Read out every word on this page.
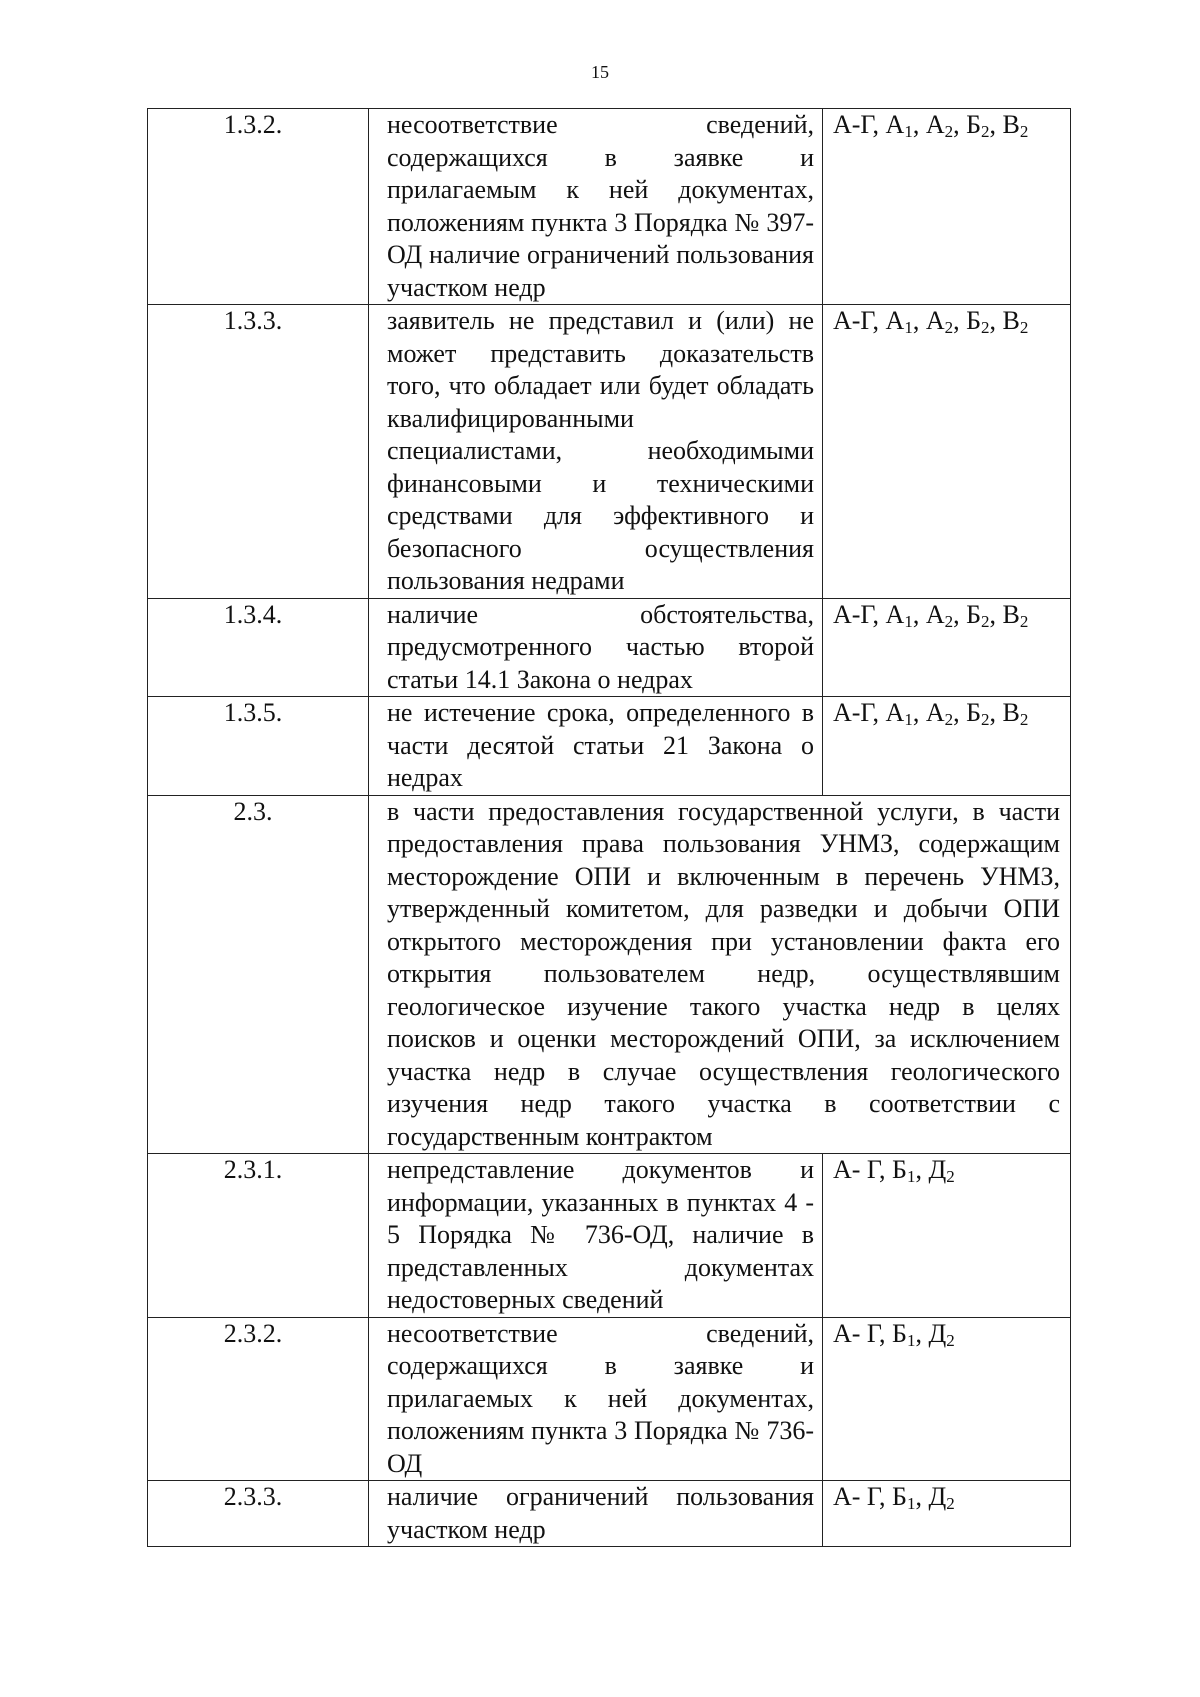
15
1.3.2.	несоответствие сведений, содержащихся в заявке и прилагаемым к ней документах, положениям пункта 3 Порядка № 397-ОД наличие ограничений пользования участком недр	А-Г, $А_1$, $А_2$, $Б_2$, $В_2$
1.3.3.	заявитель не представил и (или) не может представить доказательств того, что обладает или будет обладать квалифицированными специалистами, необходимыми финансовыми и техническими средствами для эффективного и безопасного осуществления пользования недрами	А-Г, $А_1$, $А_2$, $Б_2$, $В_2$
1.3.4.	наличие обстоятельства, предусмотренного частью второй статьи 14.1 Закона о недрах	А-Г, $А_1$, $А_2$, $Б_2$, $В_2$
1.3.5.	не истечение срока, определенного в части десятой статьи 21 Закона о недрах	А-Г, $А_1$, $А_2$, $Б_2$, $В_2$
2.3.	в части предоставления государственной услуги, в части предоставления права пользования УНМЗ, содержащим месторождение ОПИ и включенным в перечень УНМЗ, утвержденный комитетом, для разведки и добычи ОПИ открытого месторождения при установлении факта его открытия пользователем недр, осуществлявшим геологическое изучение такого участка недр в целях поисков и оценки месторождений ОПИ, за исключением участка недр в случае осуществления геологического изучения недр такого участка в соответствии с государственным контрактом	
2.3.1.	непредставление документов и информации, указанных в пунктах 4 - 5 Порядка № 736-ОД, наличие в представленных документах недостоверных сведений	А- Г, $Б_1$, $Д_2$
2.3.2.	несоответствие сведений, содержащихся в заявке и прилагаемых к ней документах, положениям пункта 3 Порядка № 736-ОД	А- Г, $Б_1$, $Д_2$
2.3.3.	наличие ограничений пользования участком недр	А- Г, $Б_1$, $Д_2$
